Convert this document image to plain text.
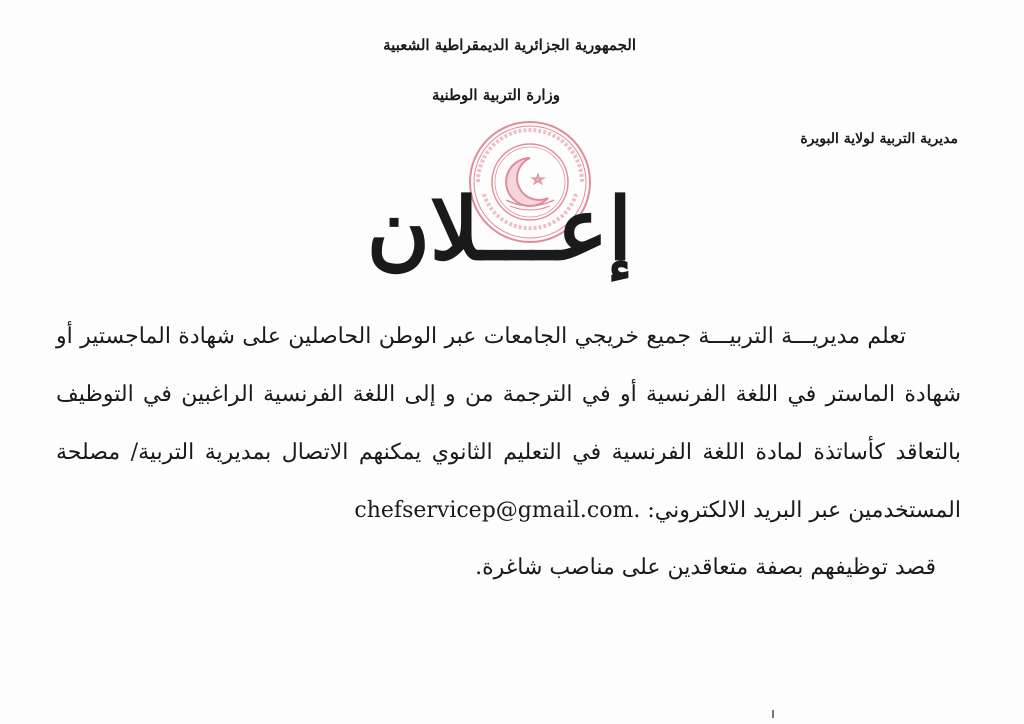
الجمهورية الجزائرية الديمقراطية الشعبية
وزارة التربية الوطنية
مديرية التربية لولاية البويرة
إعـــلان
تعلم مديريـــة التربيـــة جميع خريجي الجامعات عبر الوطن الحاصلين على شهادة الماجستير أو
شهادة الماستر في اللغة الفرنسية أو في الترجمة من و إلى اللغة الفرنسية الراغبين في التوظيف
بالتعاقد كأساتذة لمادة اللغة الفرنسية في التعليم الثانوي يمكنهم الاتصال بمديرية التربية/ مصلحة
المستخدمين عبر البريد الالكتروني: chefservicep@gmail.com.
قصد توظيفهم بصفة متعاقدين على مناصب شاغرة.
